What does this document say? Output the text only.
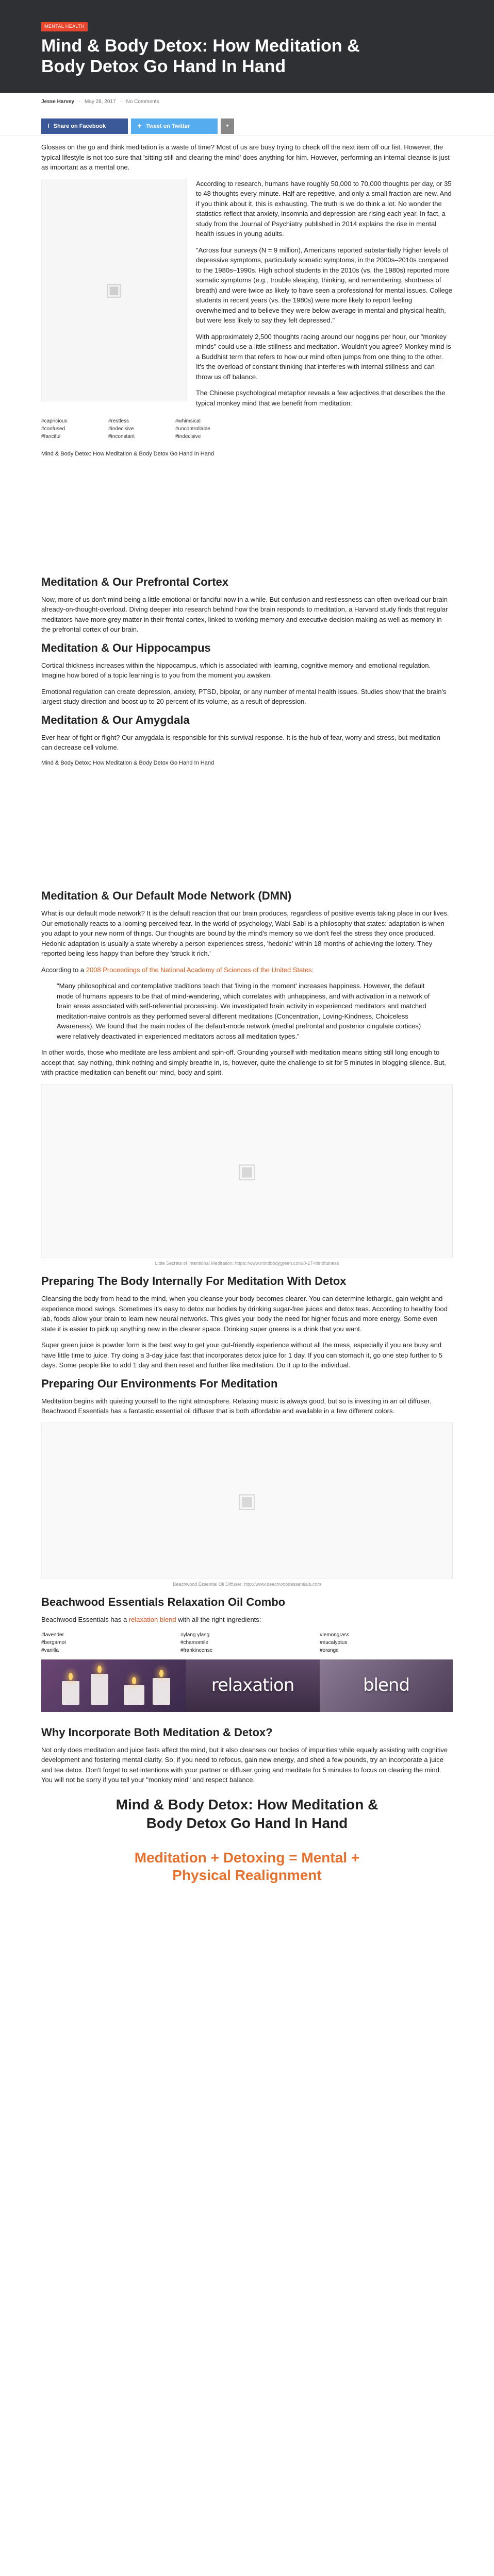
MENTAL HEALTH
Mind & Body Detox: How Meditation & Body Detox Go Hand In Hand
Jesse Harvey   ·   May 28, 2017   ·   No Comments
f Share on Facebook	✦ Tweet on Twitter	+

Glosses on the go and think meditation is a waste of time? Most of us are busy trying to check off the next item off our list. However, the typical lifestyle is not too sure that 'sitting still and clearing the mind' does anything for him. However, performing an internal cleanse is just as important as a mental one.

▣

According to research, humans have roughly 50,000 to 70,000 thoughts per day, or 35 to 48 thoughts every minute. Half are repetitive, and only a small fraction are new. And if you think about it, this is exhausting. The truth is we do think a lot. No wonder the statistics reflect that anxiety, insomnia and depression are rising each year. In fact, a study from the Journal of Psychiatry published in 2014 explains the rise in mental health issues in young adults.

"Across four surveys (N = 9 million), Americans reported substantially higher levels of depressive symptoms, particularly somatic symptoms, in the 2000s–2010s compared to the 1980s–1990s. High school students in the 2010s (vs. the 1980s) reported more somatic symptoms (e.g., trouble sleeping, thinking, and remembering, shortness of breath) and were twice as likely to have seen a professional for mental issues. College students in recent years (vs. the 1980s) were more likely to report feeling overwhelmed and to believe they were below average in mental and physical health, but were less likely to say they felt depressed."

With approximately 2,500 thoughts racing around our noggins per hour, our "monkey minds" could use a little stillness and meditation. Wouldn't you agree? Monkey mind is a Buddhist term that refers to how our mind often jumps from one thing to the other. It's the overload of constant thinking that interferes with internal stillness and can throw us off balance.

The Chinese psychological metaphor reveals a few adjectives that describes the the typical monkey mind that we benefit from meditation:

#capricious	#restless	#whimsical
#confused	#indecisive	#uncontrollable
#fanciful	#inconstant	#indecisive

Mind & Body Detox: How Meditation & Body Detox Go Hand In Hand

Meditation & Our Prefrontal Cortex

Now, more of us don't mind being a little emotional or fanciful now in a while. But confusion and restlessness can often overload our brain already-on-thought-overload. Diving deeper into research behind how the brain responds to meditation, a Harvard study finds that regular meditators have more grey matter in their frontal cortex, linked to working memory and executive decision making as well as memory in the prefrontal cortex of our brain.

Meditation & Our Hippocampus

Cortical thickness increases within the hippocampus, which is associated with learning, cognitive memory and emotional regulation. Imagine how bored of a topic learning is to you from the moment you awaken.

Emotional regulation can create depression, anxiety, PTSD, bipolar, or any number of mental health issues. Studies show that the brain's largest study direction and boost up to 20 percent of its volume, as a result of depression.

Meditation & Our Amygdala

Ever hear of fight or flight? Our amygdala is responsible for this survival response. It is the hub of fear, worry and stress, but meditation can decrease cell volume.

Mind & Body Detox: How Meditation & Body Detox Go Hand In Hand

Meditation & Our Default Mode Network (DMN)

What is our default mode network? It is the default reaction that our brain produces, regardless of positive events taking place in our lives. Our emotionally reacts to a looming perceived fear. In the world of psychology, Wabi-Sabi is a philosophy that states: adaptation is when you adapt to your new norm of things. Our thoughts are bound by the mind's memory so we don't feel the stress they once produced. Hedonic adaptation is usually a state whereby a person experiences stress, 'hedonic' within 18 months of achieving the lottery. They reported being less happy than before they 'struck it rich.'

According to a 2008 Proceedings of the National Academy of Sciences of the United States:

"Many philosophical and contemplative traditions teach that 'living in the moment' increases happiness. However, the default mode of humans appears to be that of mind-wandering, which correlates with unhappiness, and with activation in a network of brain areas associated with self-referential processing. We investigated brain activity in experienced meditators and matched meditation-naive controls as they performed several different meditations (Concentration, Loving-Kindness, Choiceless Awareness). We found that the main nodes of the default-mode network (medial prefrontal and posterior cingulate cortices) were relatively deactivated in experienced meditators across all meditation types."

In other words, those who meditate are less ambient and spin-off. Grounding yourself with meditation means sitting still long enough to accept that, say nothing, think nothing and simply breathe in, is, however, quite the challenge to sit for 5 minutes in blogging silence. But, with practice meditation can benefit our mind, body and spirit.

▣
Little Secrets of Intentional Meditation: https://www.mindbodygreen.com/0-17-mindfulness
Preparing The Body Internally For Meditation With Detox

Cleansing the body from head to the mind, when you cleanse your body becomes clearer. You can determine lethargic, gain weight and experience mood swings. Sometimes it's easy to detox our bodies by drinking sugar-free juices and detox teas. According to healthy food lab, foods allow your brain to learn new neural networks. This gives your body the need for higher focus and more energy. Some even state it is easier to pick up anything new in the clearer space. Drinking super greens is a drink that you want.

Super green juice is powder form is the best way to get your gut-friendly experience without all the mess, especially if you are busy and have little time to juice. Try doing a 3-day juice fast that incorporates detox juice for 1 day. If you can stomach it, go one step further to 5 days. Some people like to add 1 day and then reset and further like meditation. Do it up to the individual.

Preparing Our Environments For Meditation

Meditation begins with quieting yourself to the right atmosphere. Relaxing music is always good, but so is investing in an oil diffuser. Beachwood Essentials has a fantastic essential oil diffuser that is both affordable and available in a few different colors.

▣
Beachwood Essential Oil Diffuser: http://www.beachwoodessentials.com
Beachwood Essentials Relaxation Oil Combo

Beachwood Essentials has a relaxation blend with all the right ingredients:

#lavender	#ylang ylang	#lemongrass
#bergamot	#chamomile	#eucalyptus
#vanilla	#frankincense	#orange
relaxation	blend
Why Incorporate Both Meditation & Detox?

Not only does meditation and juice fasts affect the mind, but it also cleanses our bodies of impurities while equally assisting with cognitive development and fostering mental clarity. So, if you need to refocus, gain new energy, and shed a few pounds, try an incorporate a juice and tea detox. Don't forget to set intentions with your partner or diffuser going and meditate for 5 minutes to focus on clearing the mind. You will not be sorry if you tell your "monkey mind" and respect balance.

Mind & Body Detox: How Meditation & Body Detox Go Hand In Hand
Meditation + Detoxing = Mental + Physical Realignment
